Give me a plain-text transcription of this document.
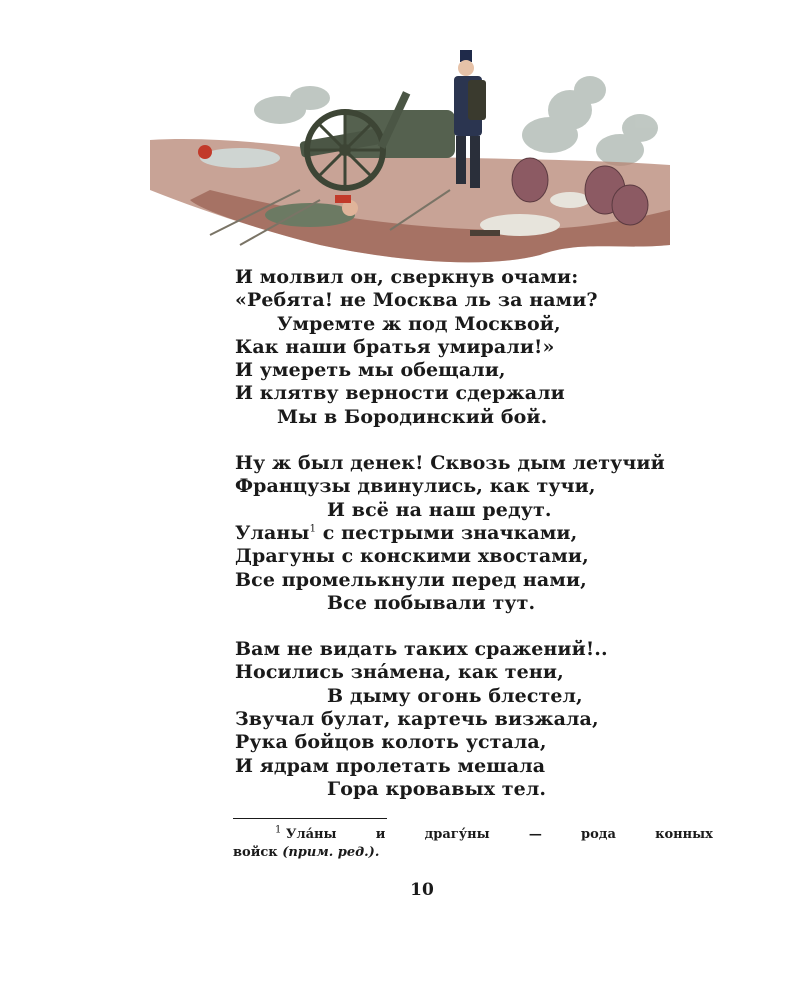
И молвил он, сверкнув очами:
«Ребята! не Москва ль за нами?
Умремте ж под Москвой,
Как наши братья умирали!»
И умереть мы обещали,
И клятву верности сдержали
Мы в Бородинский бой.
Ну ж был денек! Сквозь дым летучий
Французы двинулись, как тучи,
И всё на наш редут.
Уланы$^1$ с пестрыми значками,
Драгуны с конскими хвостами,
Все промелькнули перед нами,
Все побывали тут.
Вам не видать таких сражений!..
Носились знáмена, как тени,
В дыму огонь блестел,
Звучал булат, картечь визжала,
Рука бойцов колоть устала,
И ядрам пролетать мешала
Гора кровавых тел.
$^1$ Ула́ны	и	драгу́ны	—	рода	конных
войск (прим. ред.).
10
